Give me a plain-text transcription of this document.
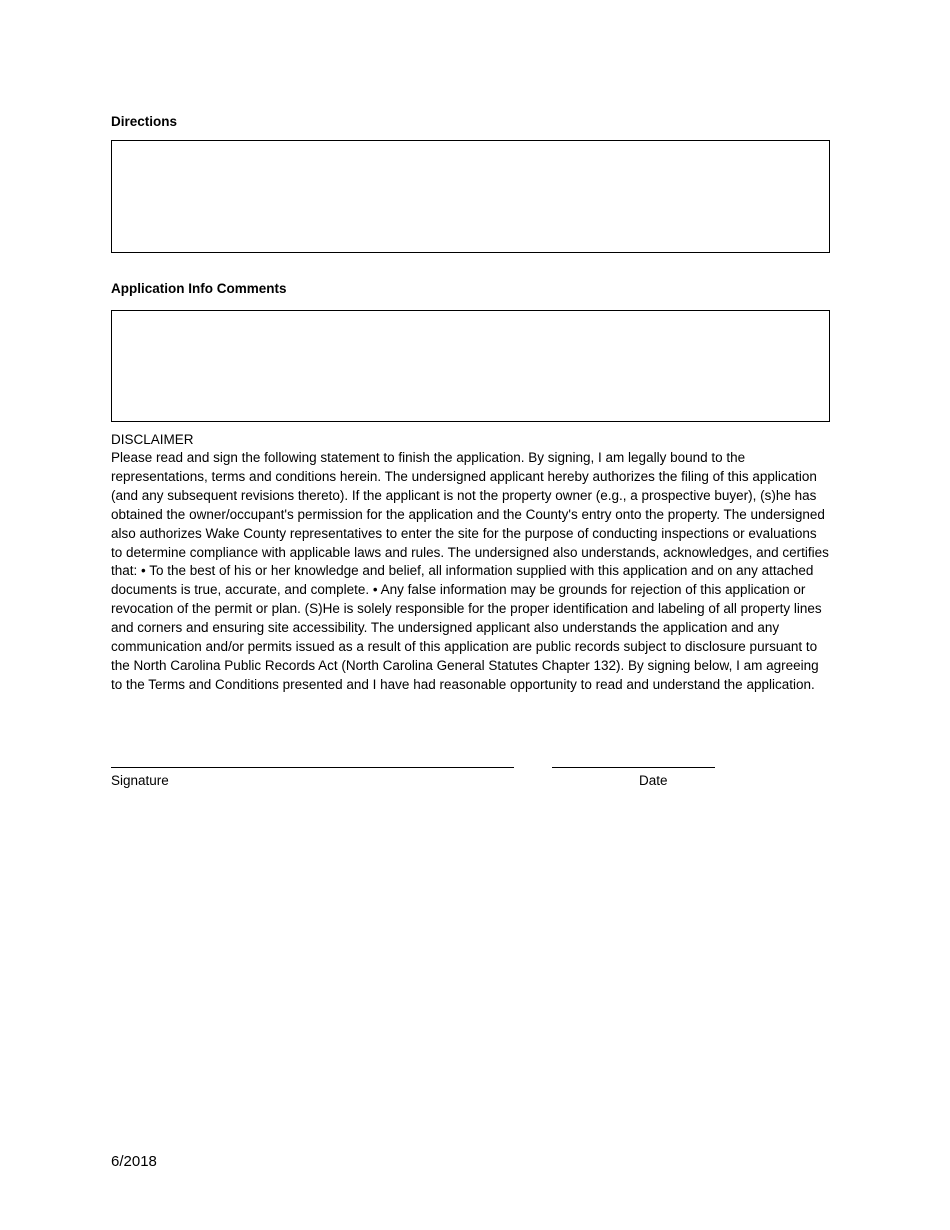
Directions
Application Info Comments
DISCLAIMER

Please read and sign the following statement to finish the application. By signing, I am legally bound to the representations, terms and conditions herein. The undersigned applicant hereby authorizes the filing of this application (and any subsequent revisions thereto). If the applicant is not the property owner (e.g., a prospective buyer), (s)he has obtained the owner/occupant's permission for the application and the County's entry onto the property. The undersigned also authorizes Wake County representatives to enter the site for the purpose of conducting inspections or evaluations to determine compliance with applicable laws and rules. The undersigned also understands, acknowledges, and certifies that: • To the best of his or her knowledge and belief, all information supplied with this application and on any attached documents is true, accurate, and complete. • Any false information may be grounds for rejection of this application or revocation of the permit or plan. (S)He is solely responsible for the proper identification and labeling of all property lines and corners and ensuring site accessibility. The undersigned applicant also understands the application and any communication and/or permits issued as a result of this application are public records subject to disclosure pursuant to the North Carolina Public Records Act (North Carolina General Statutes Chapter 132). By signing below, I am agreeing to the Terms and Conditions presented and I have had reasonable opportunity to read and understand the application.

Signature	Date
6/2018
